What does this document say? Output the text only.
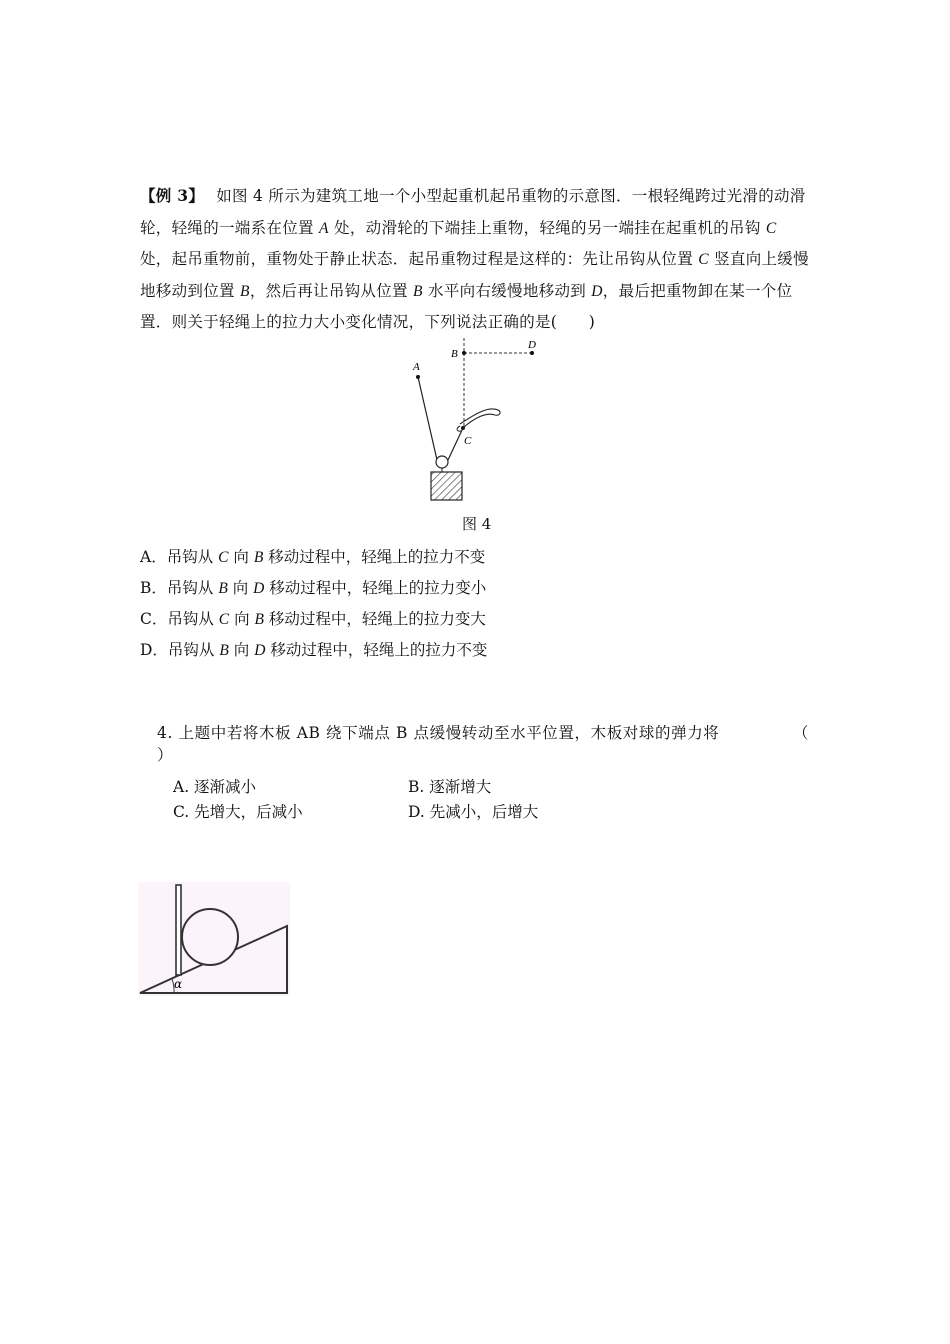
【例 3】 如图 4 所示为建筑工地一个小型起重机起吊重物的示意图．一根轻绳跨过光滑的动滑轮，轻绳的一端系在位置 A 处，动滑轮的下端挂上重物，轻绳的另一端挂在起重机的吊钩 C 处，起吊重物前，重物处于静止状态．起吊重物过程是这样的：先让吊钩从位置 C 竖直向上缓慢地移动到位置 B，然后再让吊钩从位置 B 水平向右缓慢地移动到 D，最后把重物卸在某一个位置．则关于轻绳上的拉力大小变化情况，下列说法正确的是(　　)
A
B
D
C
图 4
A．吊钩从 C 向 B 移动过程中，轻绳上的拉力不变
B．吊钩从 B 向 D 移动过程中，轻绳上的拉力变小
C．吊钩从 C 向 B 移动过程中，轻绳上的拉力变大
D．吊钩从 B 向 D 移动过程中，轻绳上的拉力不变
4. 上题中若将木板 AB 绕下端点 B 点缓慢转动至水平位置，木板对球的弹力将	（
）
A. 逐渐减小	B. 逐渐增大
C. 先增大，后减小	D. 先减小，后增大
α
